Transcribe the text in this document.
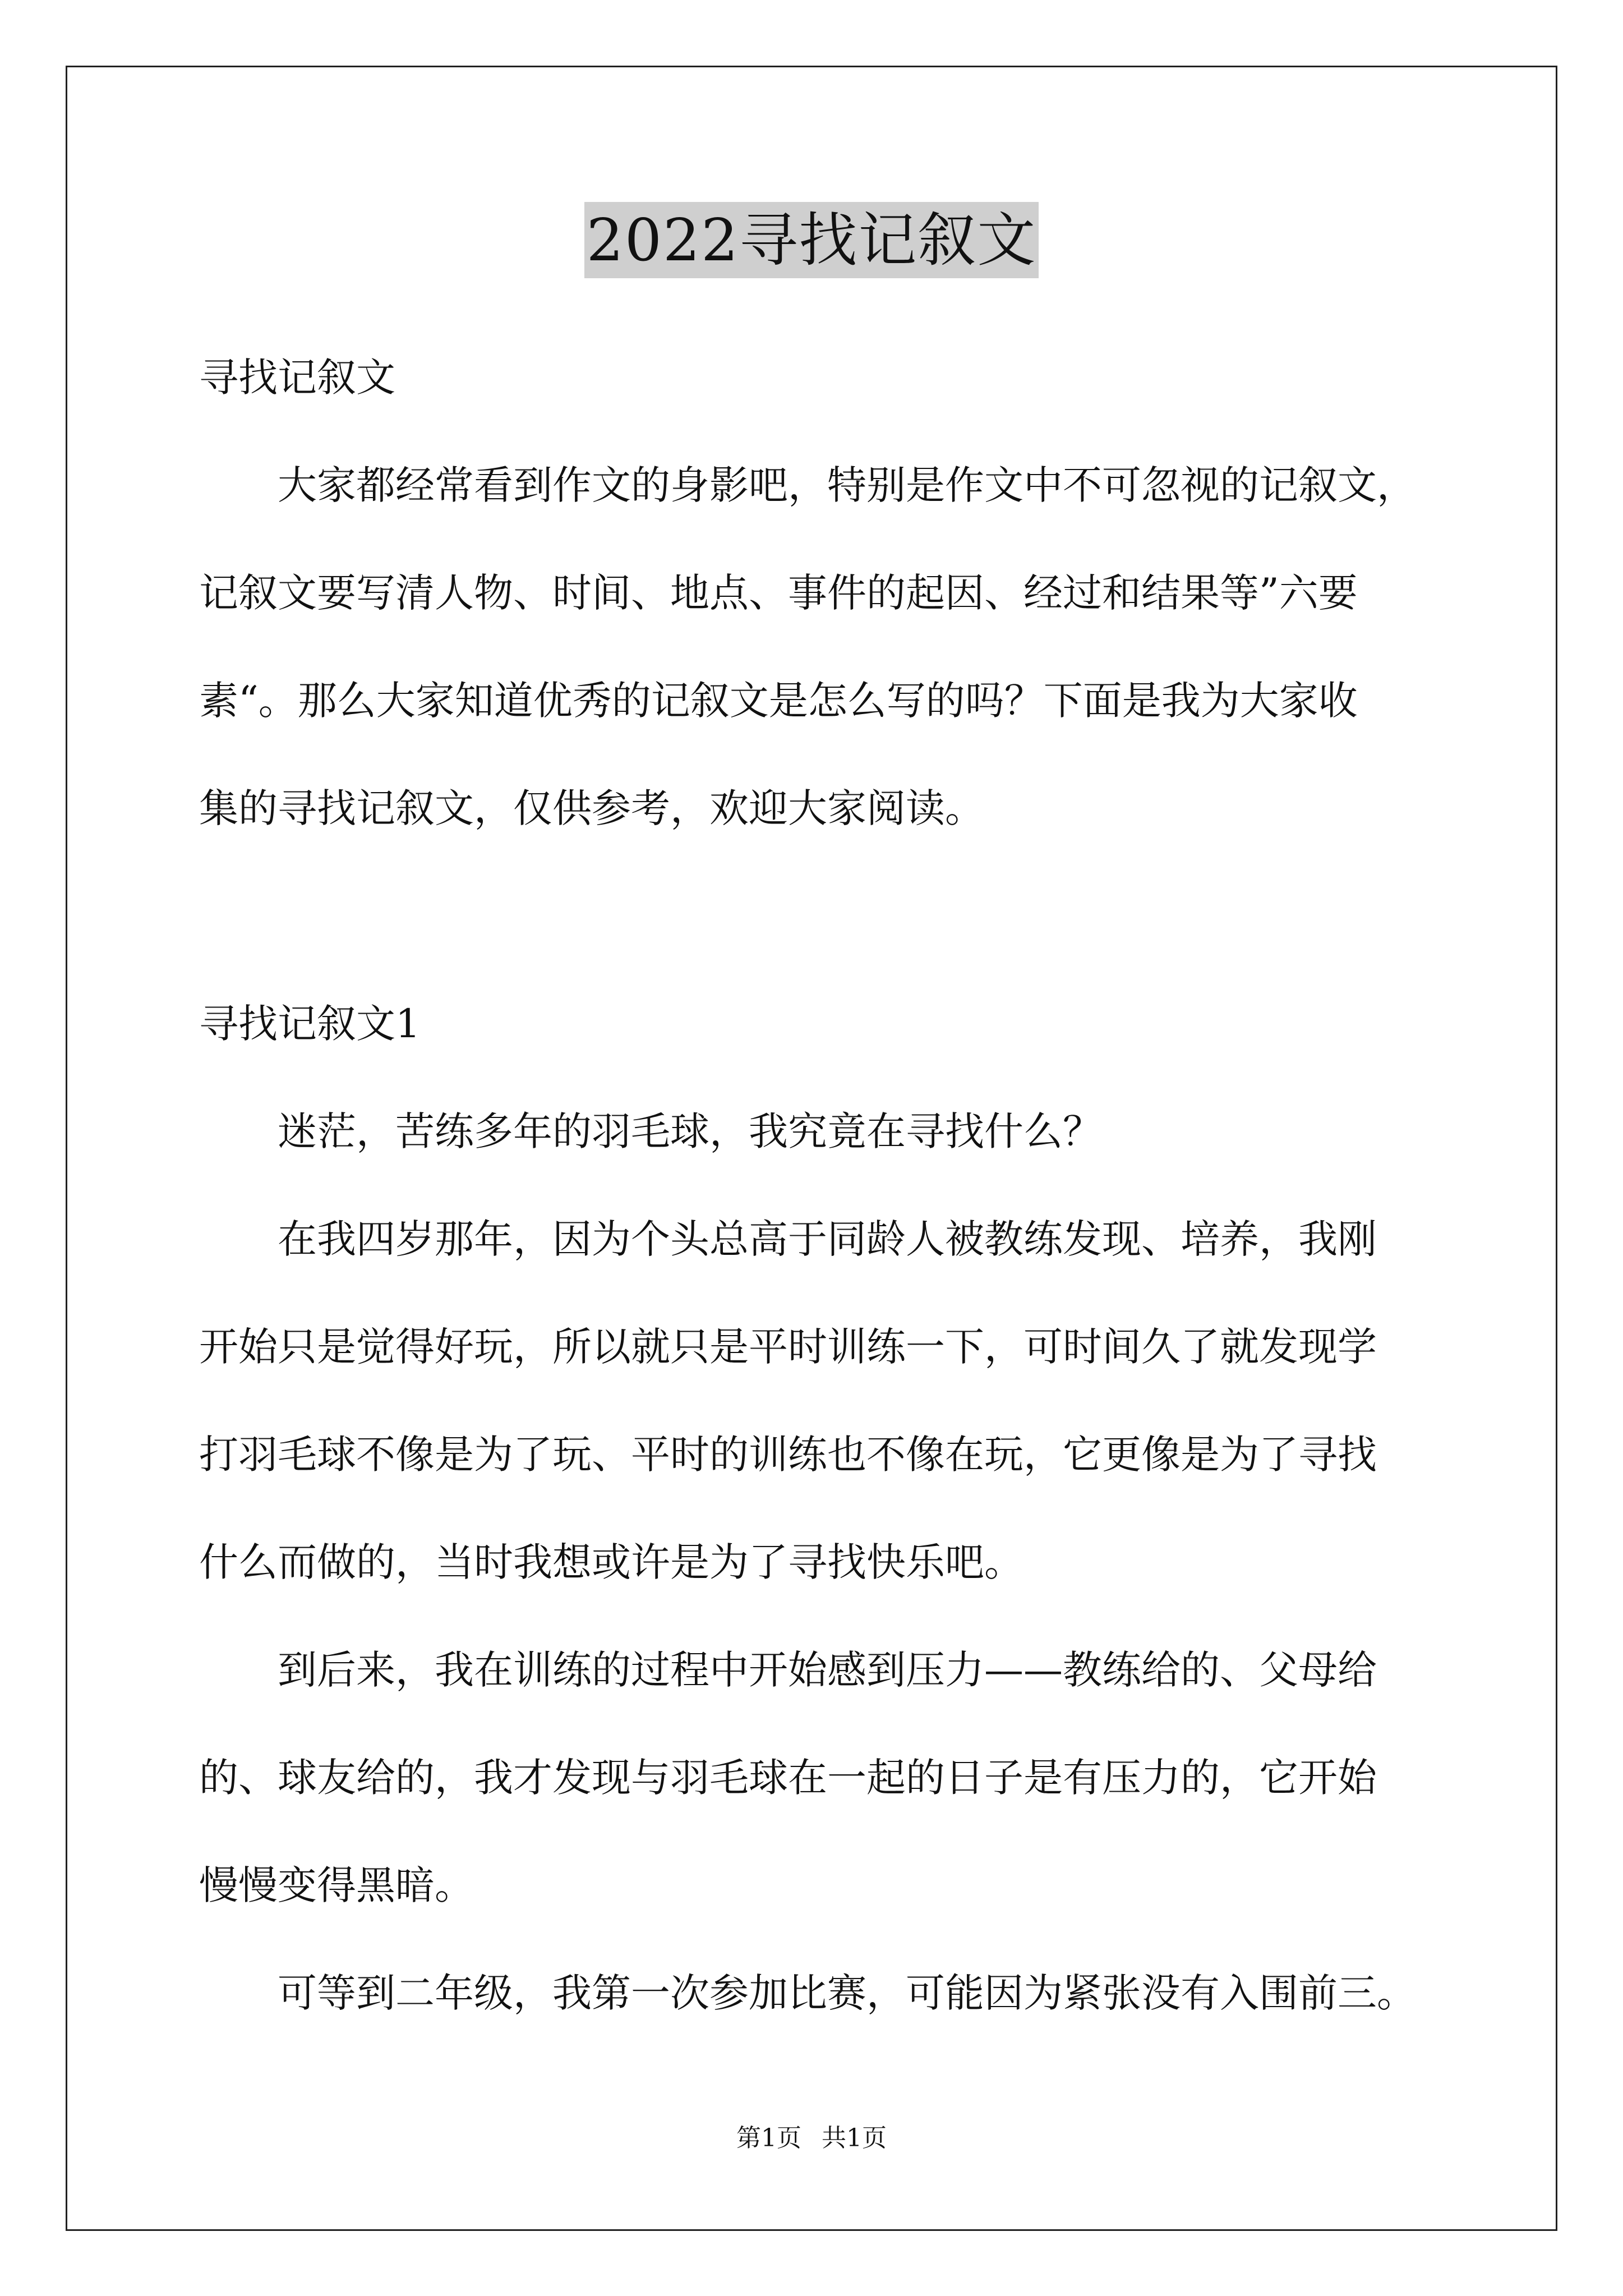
2022寻找记叙文
寻找记叙文
　　大家都经常看到作文的身影吧，特别是作文中不可忽视的记叙文，
记叙文要写清人物、时间、地点、事件的起因、经过和结果等”六要
素“。那么大家知道优秀的记叙文是怎么写的吗？下面是我为大家收
集的寻找记叙文，仅供参考，欢迎大家阅读。
寻找记叙文1
　　迷茫，苦练多年的羽毛球，我究竟在寻找什么？
　　在我四岁那年，因为个头总高于同龄人被教练发现、培养，我刚
开始只是觉得好玩，所以就只是平时训练一下，可时间久了就发现学
打羽毛球不像是为了玩、平时的训练也不像在玩，它更像是为了寻找
什么而做的，当时我想或许是为了寻找快乐吧。
　　到后来，我在训练的过程中开始感到压力——教练给的、父母给
的、球友给的，我才发现与羽毛球在一起的日子是有压力的，它开始
慢慢变得黑暗。
　　可等到二年级，我第一次参加比赛，可能因为紧张没有入围前三。
第1页 共1页
